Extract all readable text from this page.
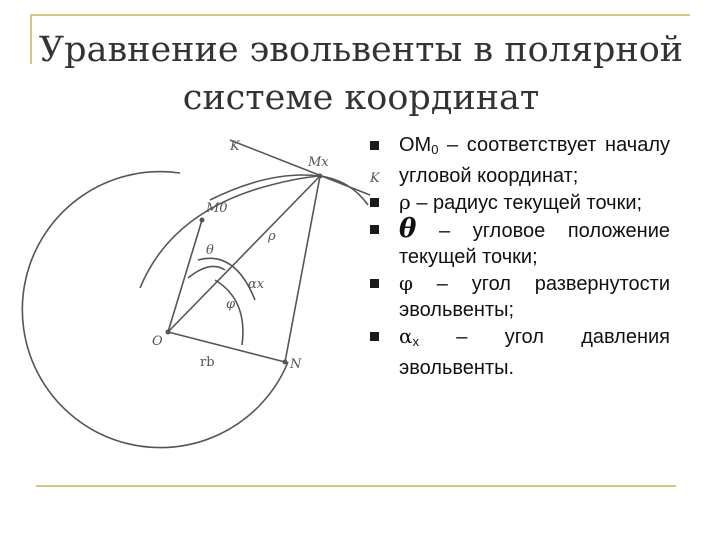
Уравнение эвольвенты в полярной
системе координат
K
K
Mx
M0
ρ
θ
αx
φ
O
rb	N
$OM_0$ – соответствует началу угловой координат;
ρ – радиус текущей точки;
θ – угловое положение текущей точки;
φ – угол развернутости эвольвенты;
$\alpha_x$ – угол давления эвольвенты.
